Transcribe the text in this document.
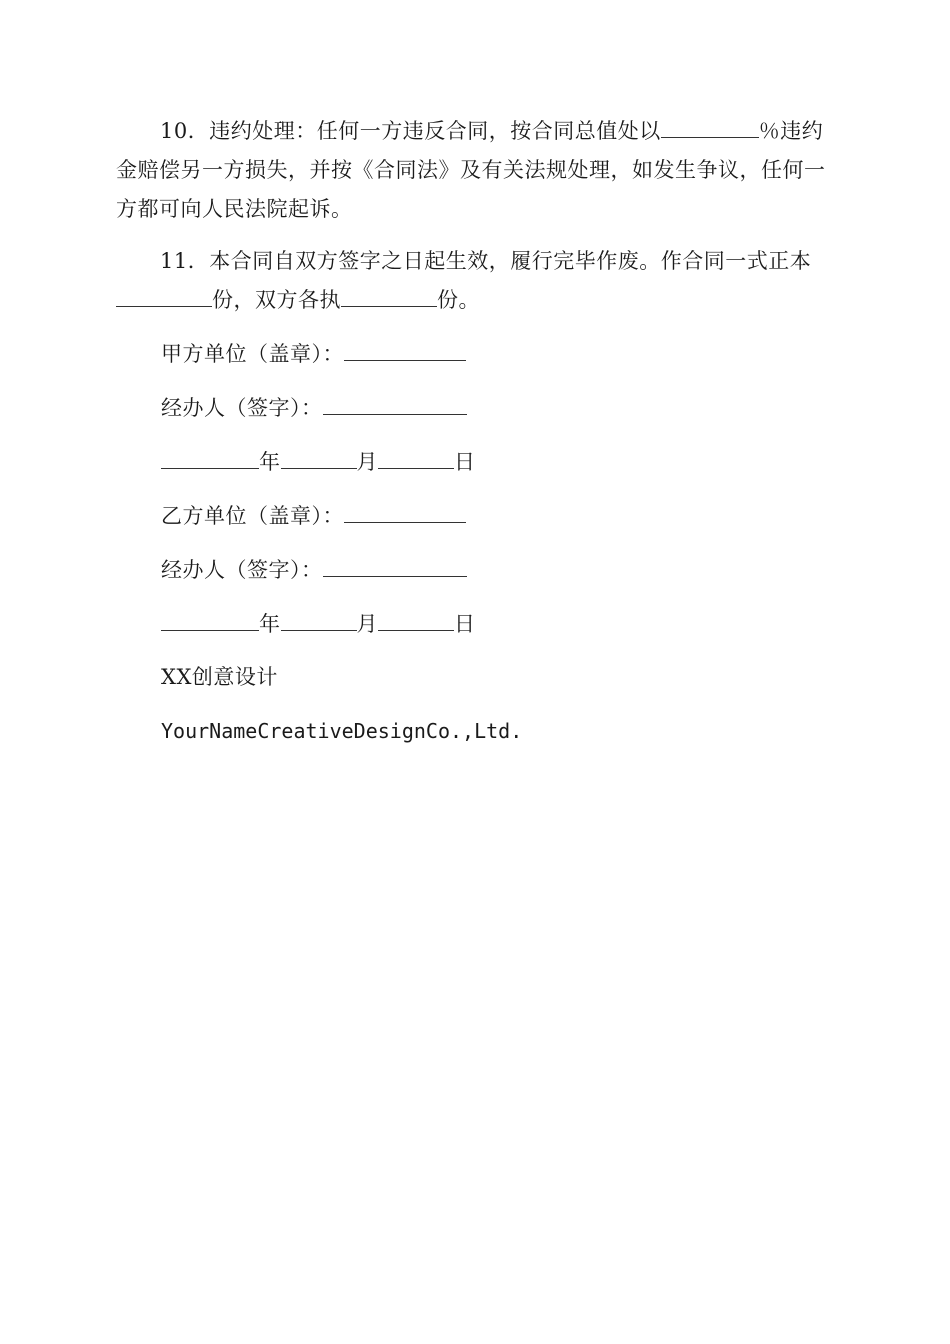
10．违约处理：任何一方违反合同，按合同总值处以	％违约金赔偿另一方损失，并按《合同法》及有关法规处理，如发生争议，任何一方都可向人民法院起诉。

11．本合同自双方签字之日起生效，履行完毕作废。作合同一式正本份，双方各执	份。

甲方单位（盖章）：
经办人（签字）：
年	月	日
乙方单位（盖章）：
经办人（签字）：
年	月	日
XX创意设计
YourNameCreativeDesignCo.,Ltd.
